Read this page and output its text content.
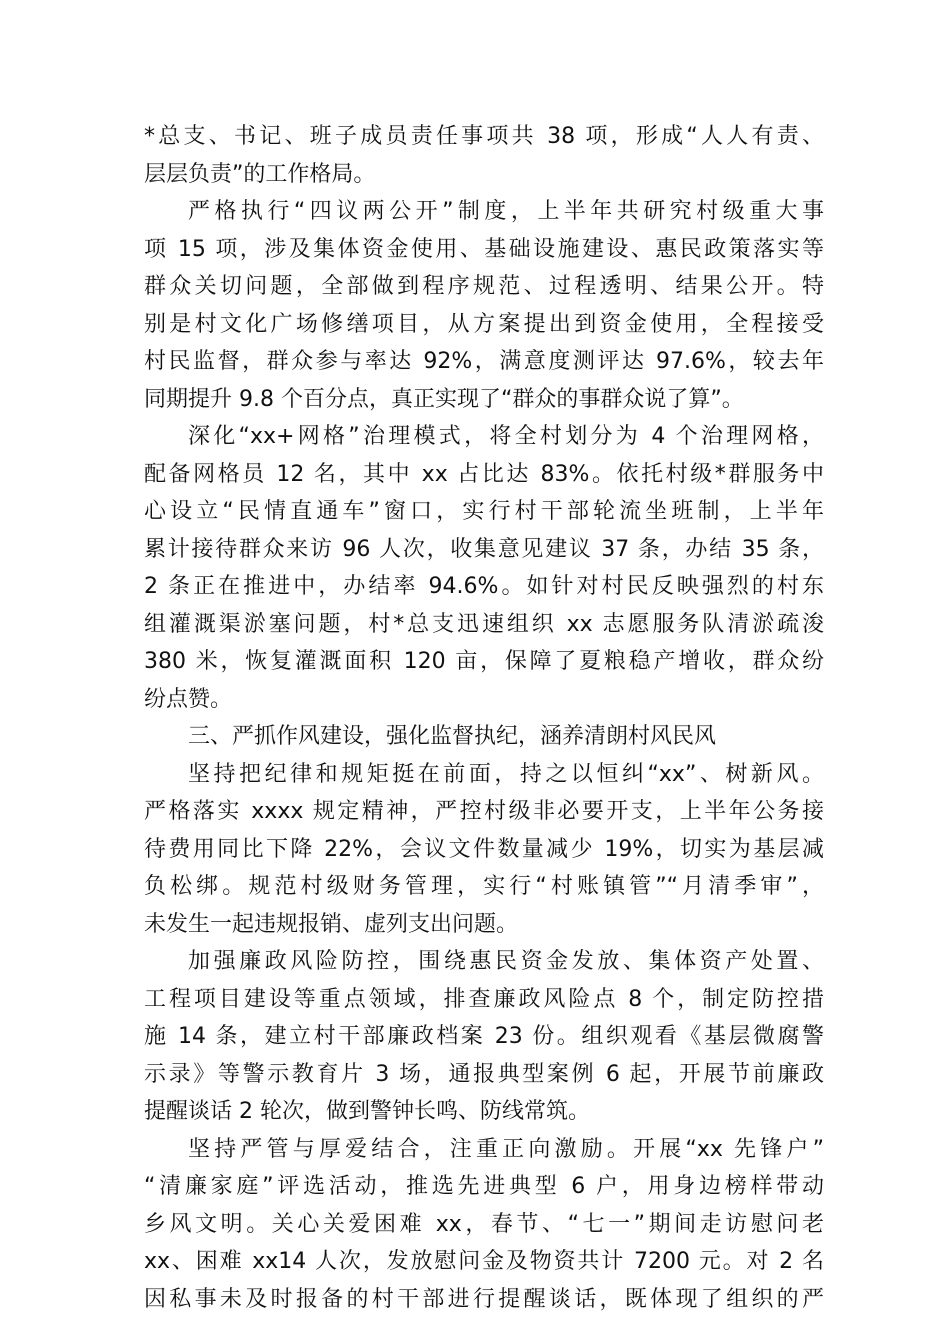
*总支、书记、班子成员责任事项共 38 项，形成“人人有责、
层层负责”的工作格局。
严格执行“四议两公开”制度，上半年共研究村级重大事
项 15 项，涉及集体资金使用、基础设施建设、惠民政策落实等
群众关切问题，全部做到程序规范、过程透明、结果公开。特
别是村文化广场修缮项目，从方案提出到资金使用，全程接受
村民监督，群众参与率达 92%，满意度测评达 97.6%，较去年
同期提升 9.8 个百分点，真正实现了“群众的事群众说了算”。
深化“xx+网格”治理模式，将全村划分为 4 个治理网格，
配备网格员 12 名，其中 xx 占比达 83%。依托村级*群服务中
心设立“民情直通车”窗口，实行村干部轮流坐班制，上半年
累计接待群众来访 96 人次，收集意见建议 37 条，办结 35 条，
2 条正在推进中，办结率 94.6%。如针对村民反映强烈的村东
组灌溉渠淤塞问题，村*总支迅速组织 xx 志愿服务队清淤疏浚
380 米，恢复灌溉面积 120 亩，保障了夏粮稳产增收，群众纷
纷点赞。
三、严抓作风建设，强化监督执纪，涵养清朗村风民风
坚持把纪律和规矩挺在前面，持之以恒纠“xx”、树新风。
严格落实 xxxx 规定精神，严控村级非必要开支，上半年公务接
待费用同比下降 22%，会议文件数量减少 19%，切实为基层减
负松绑。规范村级财务管理，实行“村账镇管”“月清季审”，
未发生一起违规报销、虚列支出问题。
加强廉政风险防控，围绕惠民资金发放、集体资产处置、
工程项目建设等重点领域，排查廉政风险点 8 个，制定防控措
施 14 条，建立村干部廉政档案 23 份。组织观看《基层微腐警
示录》等警示教育片 3 场，通报典型案例 6 起，开展节前廉政
提醒谈话 2 轮次，做到警钟长鸣、防线常筑。
坚持严管与厚爱结合，注重正向激励。开展“xx 先锋户”
“清廉家庭”评选活动，推选先进典型 6 户，用身边榜样带动
乡风文明。关心关爱困难 xx，春节、“七一”期间走访慰问老
xx、困难 xx14 人次，发放慰问金及物资共计 7200 元。对 2 名
因私事未及时报备的村干部进行提醒谈话，既体现了组织的严
